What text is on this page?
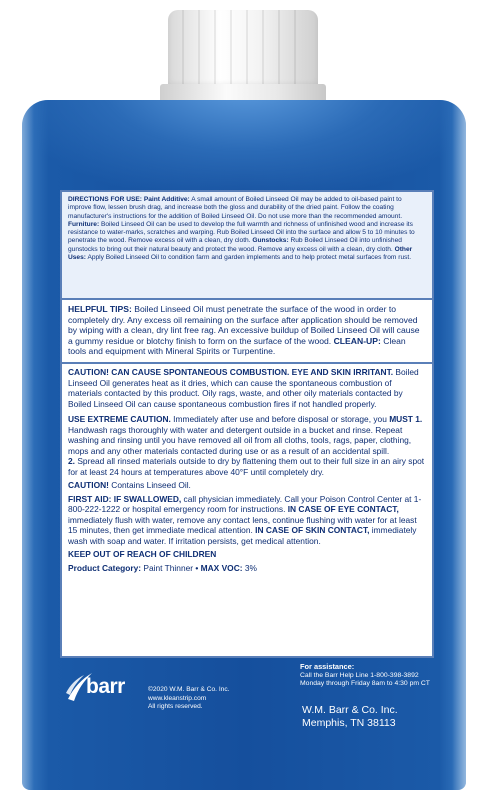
DIRECTIONS FOR USE: Paint Additive: A small amount of Boiled Linseed Oil may be added to oil-based paint to improve flow, lessen brush drag, and increase both the gloss and durability of the dried paint. Follow the coating manufacturer's instructions for the addition of Boiled Linseed Oil. Do not use more than the recommended amount. Furniture: Boiled Linseed Oil can be used to develop the full warmth and richness of unfinished wood and increase its resistance to water-marks, scratches and warping. Rub Boiled Linseed Oil into the surface and allow 5 to 10 minutes to penetrate the wood. Remove excess oil with a clean, dry cloth. Gunstocks: Rub Boiled Linseed Oil into unfinished gunstocks to bring out their natural beauty and protect the wood. Remove any excess oil with a clean, dry cloth. Other Uses: Apply Boiled Linseed Oil to condition farm and garden implements and to help protect metal surfaces from rust.

HELPFUL TIPS: Boiled Linseed Oil must penetrate the surface of the wood in order to completely dry. Any excess oil remaining on the surface after application should be removed by wiping with a clean, dry lint free rag. An excessive buildup of Boiled Linseed Oil will cause a gummy residue or blotchy finish to form on the surface of the wood. CLEAN-UP: Clean tools and equipment with Mineral Spirits or Turpentine.

CAUTION! CAN CAUSE SPONTANEOUS COMBUSTION. EYE AND SKIN IRRITANT. Boiled Linseed Oil generates heat as it dries, which can cause the spontaneous combustion of materials contacted by this product. Oily rags, waste, and other oily materials contacted by Boiled Linseed Oil can cause spontaneous combustion fires if not handled properly.

USE EXTREME CAUTION. Immediately after use and before disposal or storage, you MUST 1. Handwash rags thoroughly with water and detergent outside in a bucket and rinse. Repeat washing and rinsing until you have removed all oil from all cloths, tools, rags, paper, clothing, mops and any other materials contacted during use or as a result of an accidental spill.

2. Spread all rinsed materials outside to dry by flattening them out to their full size in an airy spot for at least 24 hours at temperatures above 40°F until completely dry.

CAUTION! Contains Linseed Oil.

FIRST AID: IF SWALLOWED, call physician immediately. Call your Poison Control Center at 1-800-222-1222 or hospital emergency room for instructions. IN CASE OF EYE CONTACT, immediately flush with water, remove any contact lens, continue flushing with water for at least 15 minutes, then get immediate medical attention. IN CASE OF SKIN CONTACT, immediately wash with soap and water. If irritation persists, get medical attention.

KEEP OUT OF REACH OF CHILDREN

Product Category: Paint Thinner • MAX VOC: 3%

barr	©2020 W.M. Barr & Co. Inc.
www.kleanstrip.com
All rights reserved.
For assistance:
Call the Barr Help Line 1-800-398-3892
Monday through Friday 8am to 4:30 pm CT
W.M. Barr & Co. Inc.
Memphis, TN 38113
